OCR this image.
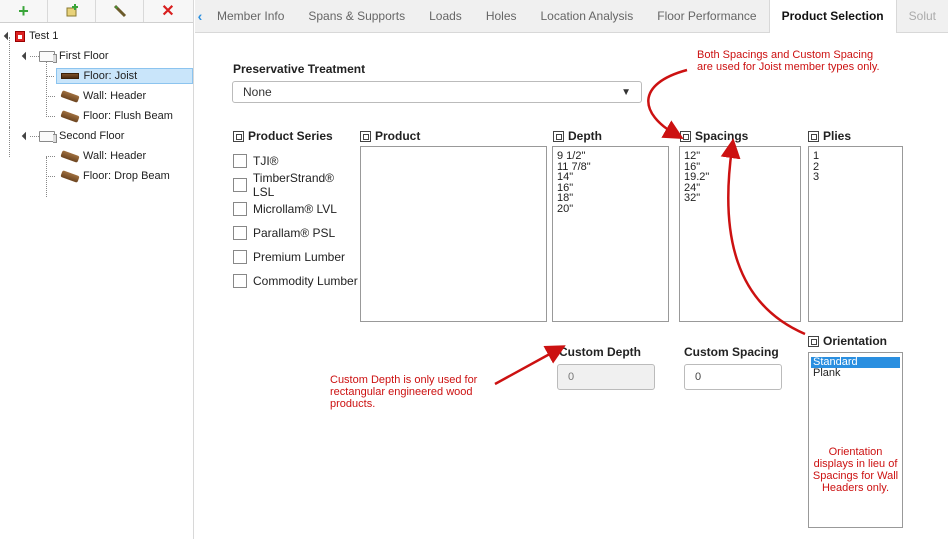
+	✕
Test 1
First Floor
Floor: Joist
Wall: Header
Floor: Flush Beam
Second Floor
Wall: Header
Floor: Drop Beam
‹	Member Info	Spans & Supports	Loads	Holes	Location Analysis	Floor Performance	Product Selection	Solut
Preservative Treatment
None	▼
Product Series	Product	Depth	Spacings	Plies
TJI®
TimberStrand® LSL
Microllam® LVL
Parallam® PSL
Premium Lumber
Commodity Lumber
9 1/2"
11 7/8"
14"
16"
18"
20"
12"
16"
19.2"
24"
32"
1
2
3
Orientation
Standard
Plank
Orientation
displays in lieu of
Spacings for Wall
Headers only.
Custom Depth
0
Custom Spacing
0
Both Spacings and Custom Spacing
are used for Joist member types only.
Custom Depth is only used for
rectangular engineered wood
products.
